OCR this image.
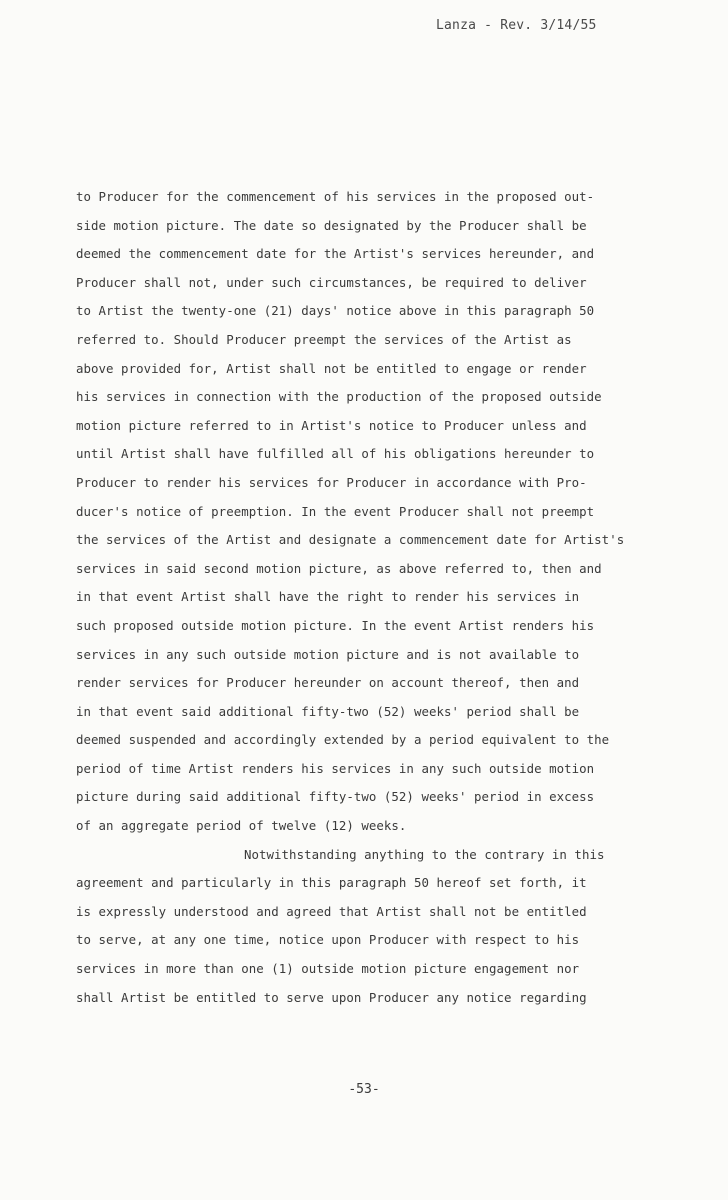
Lanza - Rev. 3/14/55
to Producer for the commencement of his services in the proposed out-
side motion picture. The date so designated by the Producer shall be
deemed the commencement date for the Artist's services hereunder, and
Producer shall not, under such circumstances, be required to deliver
to Artist the twenty-one (21) days' notice above in this paragraph 50
referred to. Should Producer preempt the services of the Artist as
above provided for, Artist shall not be entitled to engage or render
his services in connection with the production of the proposed outside
motion picture referred to in Artist's notice to Producer unless and
until Artist shall have fulfilled all of his obligations hereunder to
Producer to render his services for Producer in accordance with Pro-
ducer's notice of preemption. In the event Producer shall not preempt
the services of the Artist and designate a commencement date for Artist's
services in said second motion picture, as above referred to, then and
in that event Artist shall have the right to render his services in
such proposed outside motion picture. In the event Artist renders his
services in any such outside motion picture and is not available to
render services for Producer hereunder on account thereof, then and
in that event said additional fifty-two (52) weeks' period shall be
deemed suspended and accordingly extended by a period equivalent to the
period of time Artist renders his services in any such outside motion
picture during said additional fifty-two (52) weeks' period in excess
of an aggregate period of twelve (12) weeks.
Notwithstanding anything to the contrary in this
agreement and particularly in this paragraph 50 hereof set forth, it
is expressly understood and agreed that Artist shall not be entitled
to serve, at any one time, notice upon Producer with respect to his
services in more than one (1) outside motion picture engagement nor
shall Artist be entitled to serve upon Producer any notice regarding
-53-
